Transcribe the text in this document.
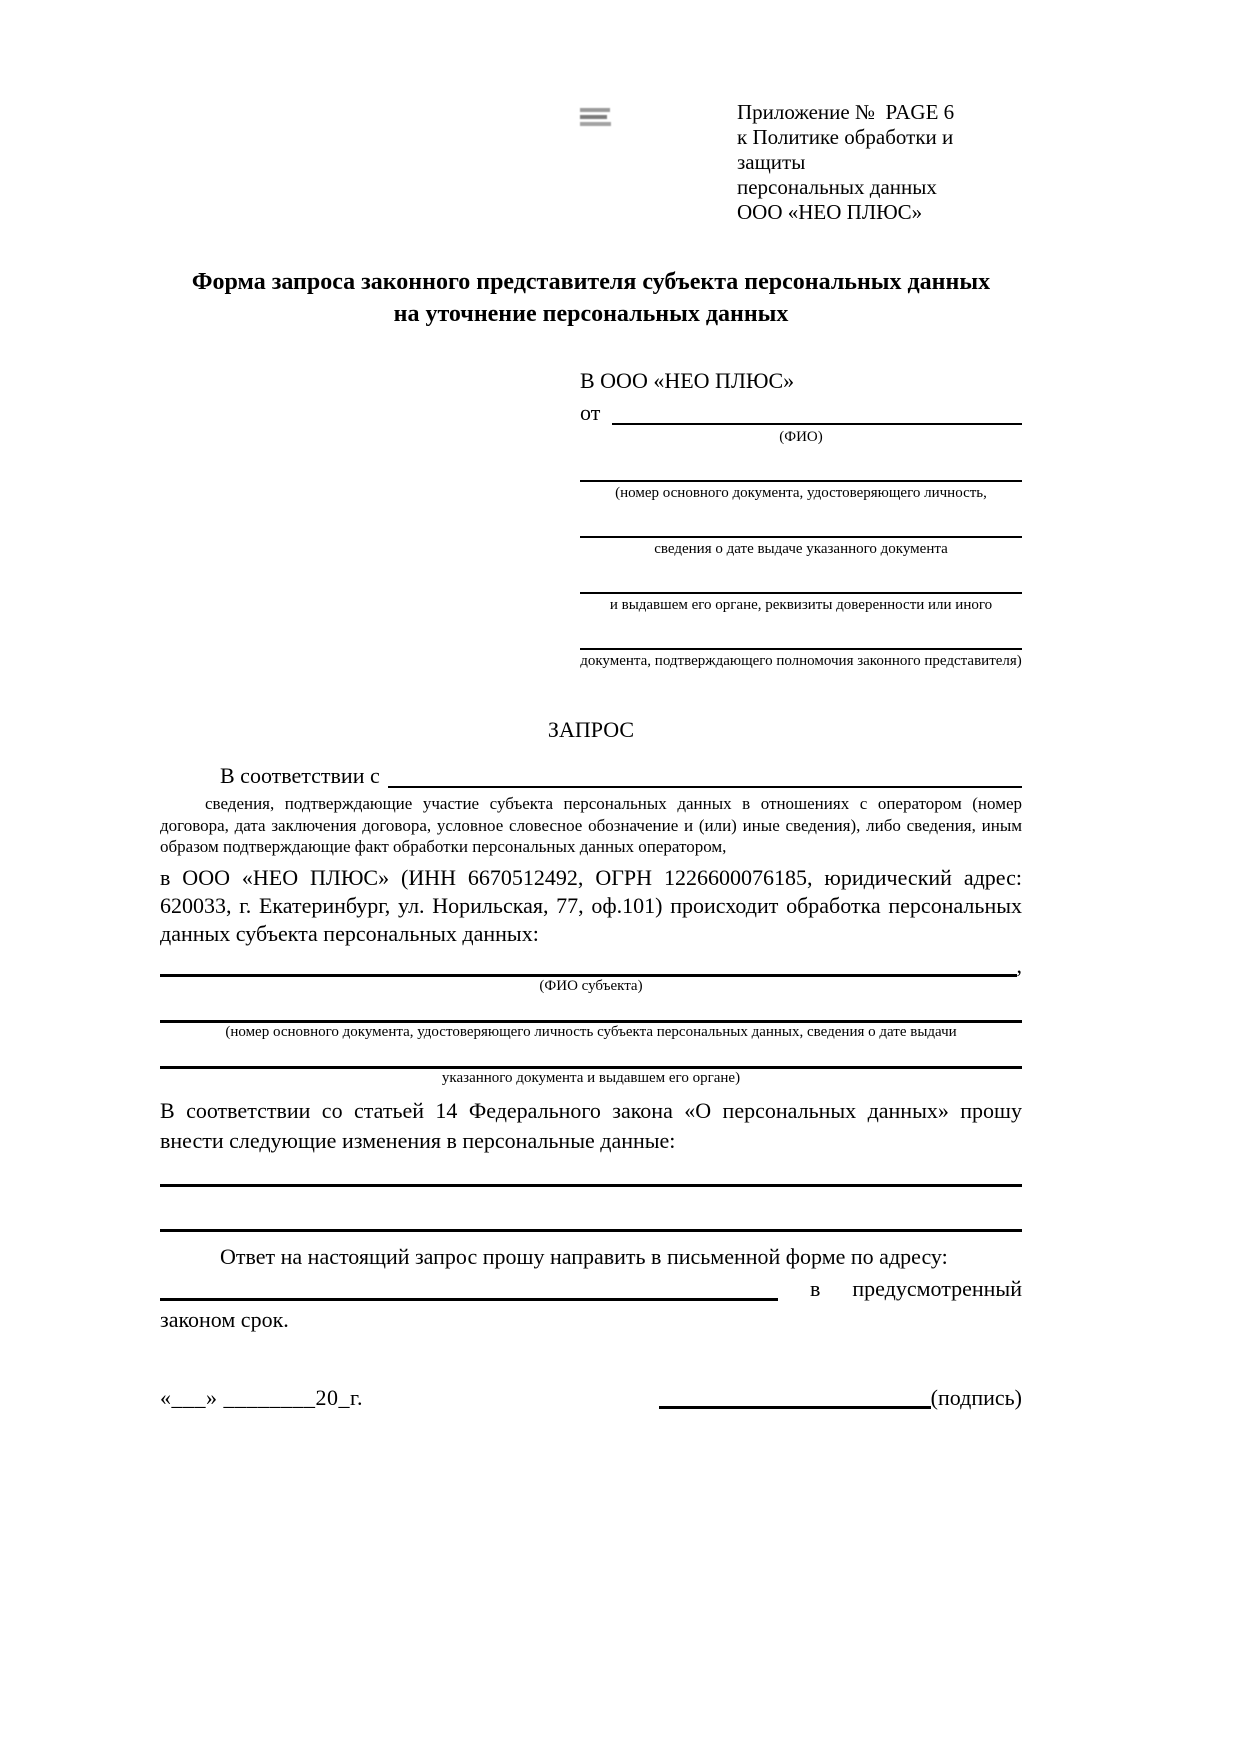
Приложение №  PAGE 6
к Политике обработки и защиты
персональных данных
ООО «НЕО ПЛЮС»
Форма запроса законного представителя субъекта персональных данных
на уточнение персональных данных
В ООО «НЕО ПЛЮС»
от
(ФИО)
(номер основного документа, удостоверяющего личность,
сведения о дате выдаче указанного документа
и выдавшем его органе, реквизиты доверенности или иного
документа, подтверждающего полномочия законного представителя)
ЗАПРОС
В соответствии с
сведения, подтверждающие участие субъекта персональных данных в отношениях с оператором (номер договора, дата заключения договора, условное словесное обозначение и (или) иные сведения), либо сведения, иным образом подтверждающие факт обработки персональных данных оператором,
в ООО «НЕО ПЛЮС» (ИНН 6670512492, ОГРН 1226600076185, юридический адрес: 620033, г. Екатеринбург, ул. Норильская, 77, оф.101) происходит обработка персональных данных субъекта персональных данных:
,
(ФИО субъекта)
(номер основного документа, удостоверяющего личность субъекта персональных данных, сведения о дате выдачи
указанного документа и выдавшем его органе)
В соответствии со статьей 14 Федерального закона «О персональных данных» прошу внести следующие изменения в персональные данные:
Ответ на настоящий запрос прошу направить в письменной форме по адресу:
в предусмотренный
законом срок.
«___» ________20_г.	(подпись)
